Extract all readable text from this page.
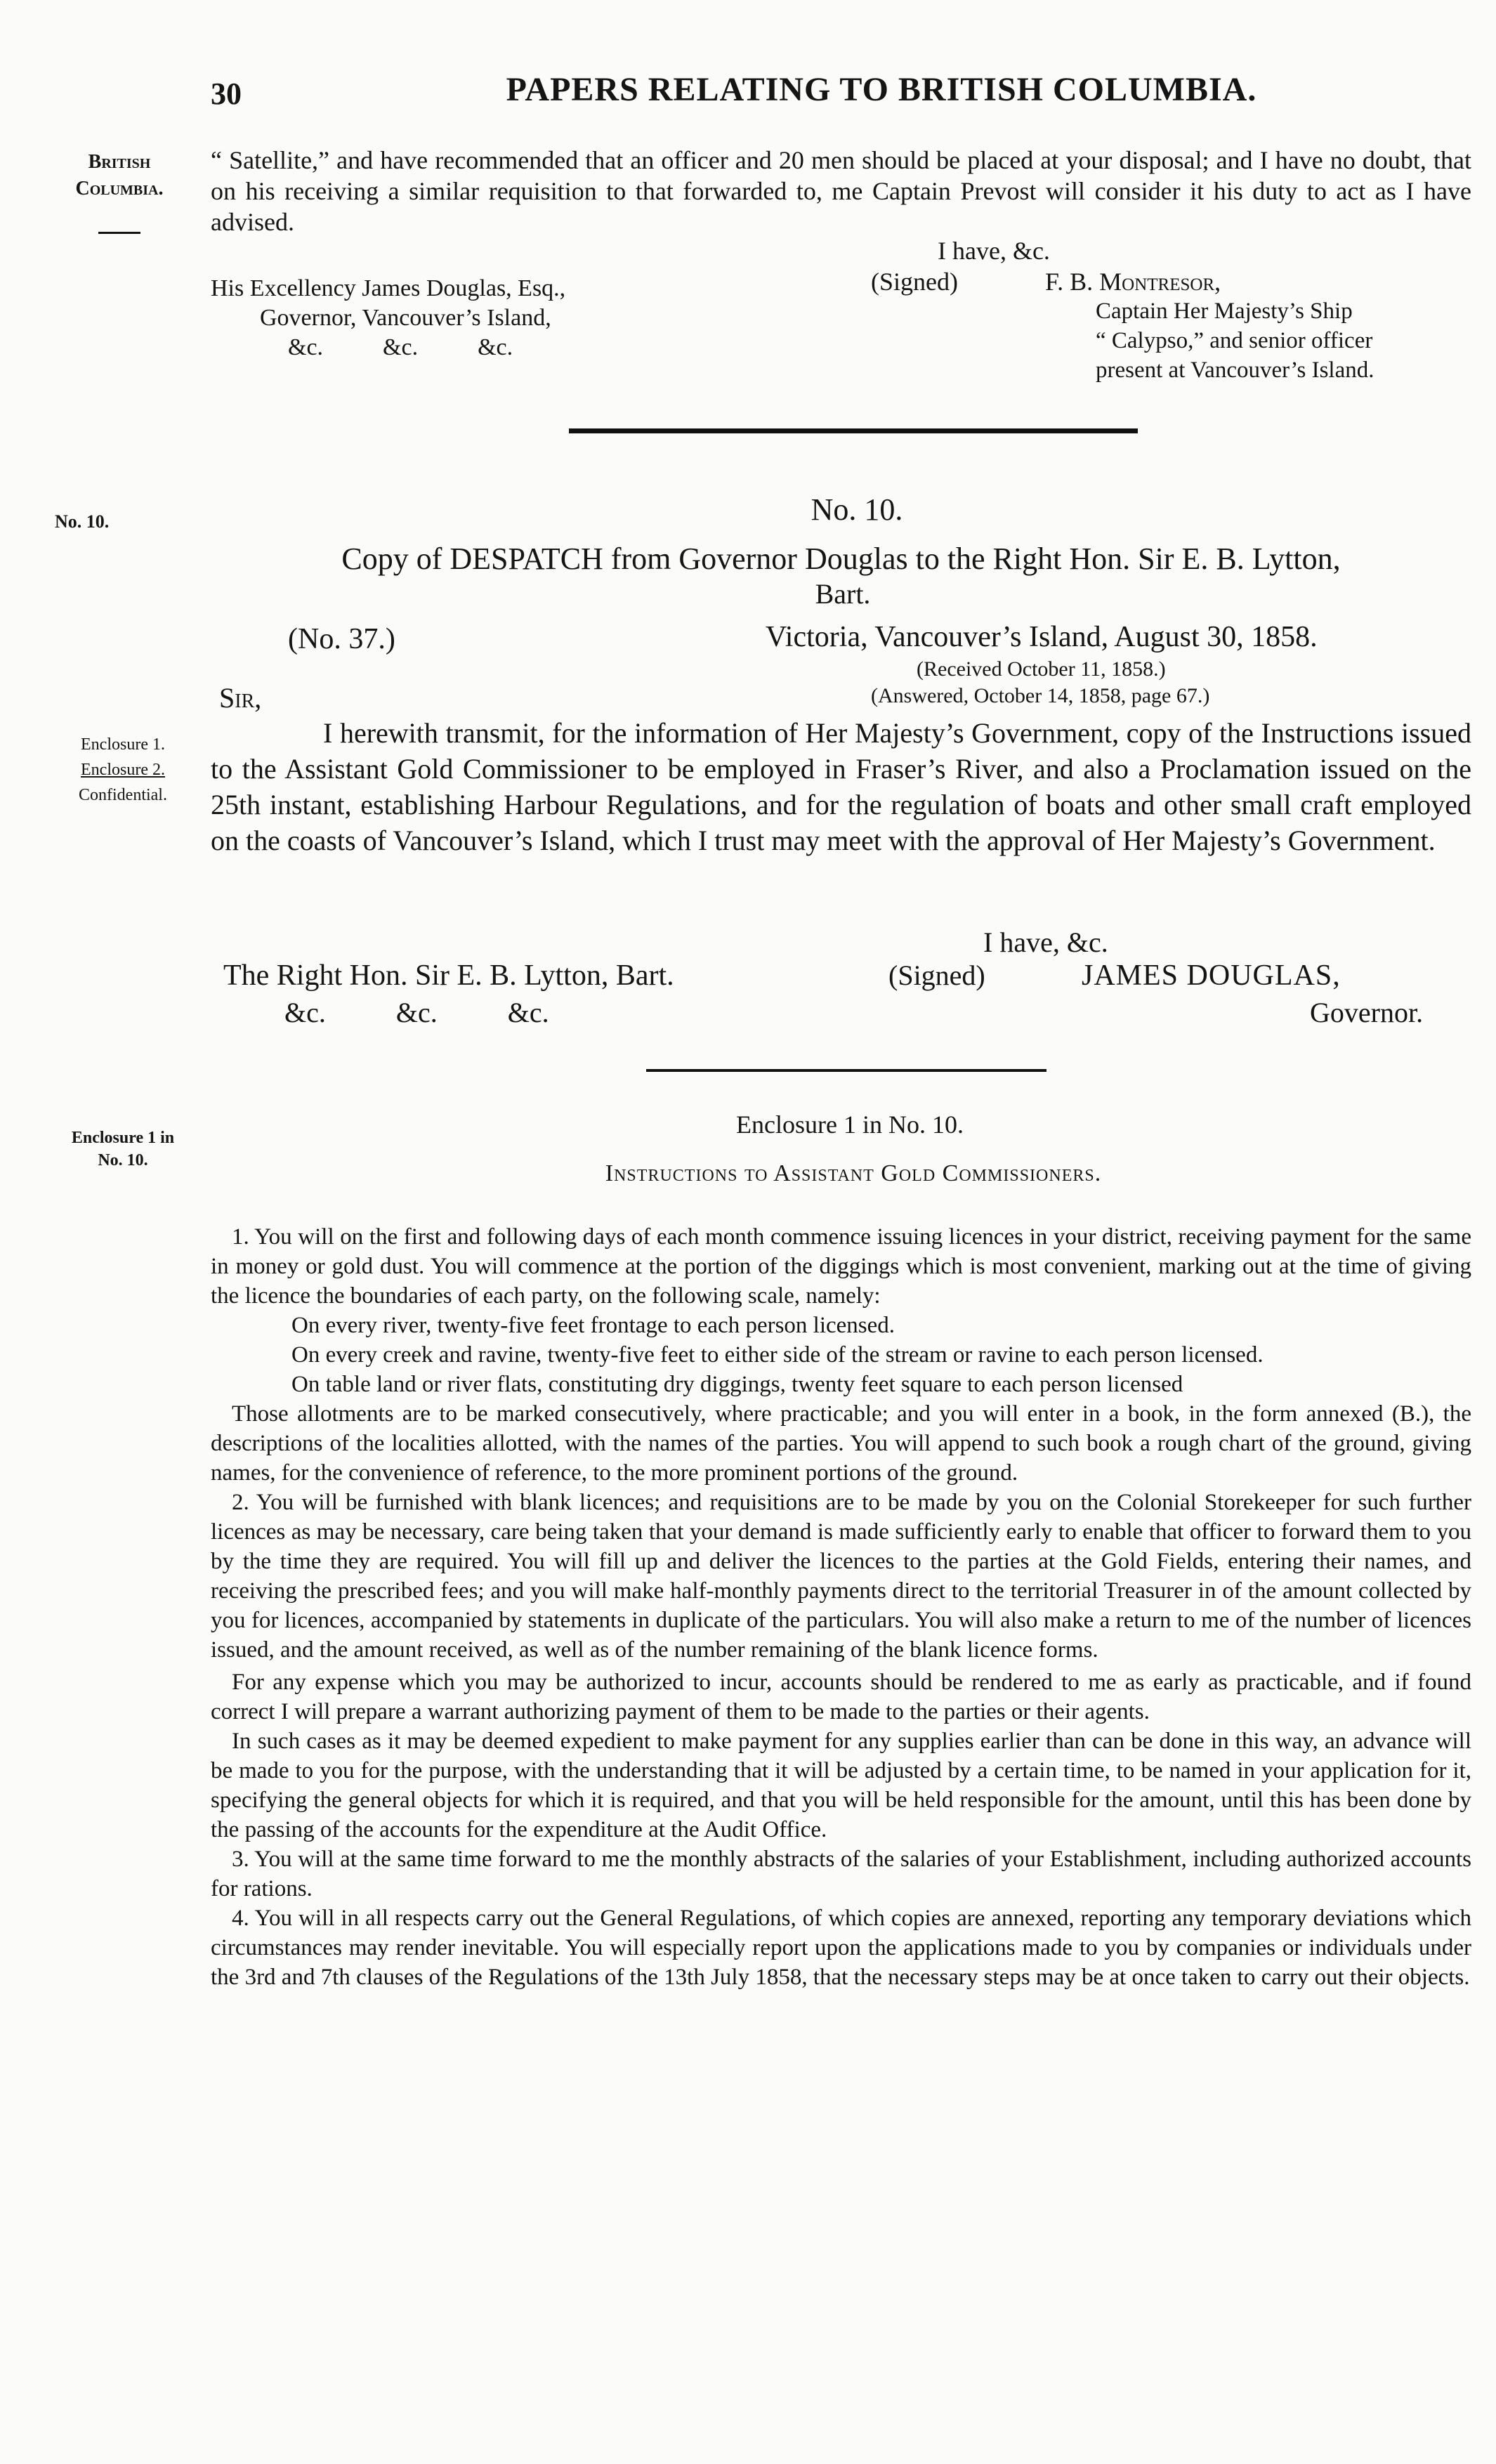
30	PAPERS RELATING TO BRITISH COLUMBIA.
British
Columbia.
“ Satellite,” and have recommended that an officer and 20 men should be placed at your disposal; and I have no doubt, that on his receiving a similar requisition to that forwarded to, me Captain Prevost will consider it his duty to act as I have advised.
I have, &c.
(Signed)	F. B. Montresor,
Captain Her Majesty’s Ship
“ Calypso,” and senior officer
present at Vancouver’s Island.
His Excellency James Douglas, Esq.,
Governor, Vancouver’s Island,
&c.          &c.          &c.
No. 10.	No. 10.
Copy of DESPATCH from Governor Douglas to the Right Hon. Sir E. B. Lytton,
Bart.
(No. 37.)	Victoria, Vancouver’s Island, August 30, 1858.
(Received October 11, 1858.)
(Answered, October 14, 1858, page 67.)
Sir,
Enclosure 1.
Enclosure 2.
Confidential.
I herewith transmit, for the information of Her Majesty’s Government, copy of the Instructions issued to the Assistant Gold Commissioner to be employed in Fraser’s River, and also a Proclamation issued on the 25th instant, establishing Harbour Regulations, and for the regulation of boats and other small craft employed on the coasts of Vancouver’s Island, which I trust may meet with the approval of Her Majesty’s Government.
I have, &c.
The Right Hon. Sir E. B. Lytton, Bart.
&c.          &c.          &c.
(Signed)	JAMES DOUGLAS,
Governor.
Enclosure 1 in
No. 10.
Enclosure 1 in No. 10.
Instructions to Assistant Gold Commissioners.
1. You will on the first and following days of each month commence issuing licences in your district, receiving payment for the same in money or gold dust. You will commence at the portion of the diggings which is most convenient, marking out at the time of giving the licence the boundaries of each party, on the following scale, namely:
On every river, twenty-five feet frontage to each person licensed.
On every creek and ravine, twenty-five feet to either side of the stream or ravine to each person licensed.
On table land or river flats, constituting dry diggings, twenty feet square to each person licensed
Those allotments are to be marked consecutively, where practicable; and you will enter in a book, in the form annexed (B.), the descriptions of the localities allotted, with the names of the parties. You will append to such book a rough chart of the ground, giving names, for the convenience of reference, to the more prominent portions of the ground.
2. You will be furnished with blank licences; and requisitions are to be made by you on the Colonial Storekeeper for such further licences as may be necessary, care being taken that your demand is made sufficiently early to enable that officer to forward them to you by the time they are required. You will fill up and deliver the licences to the parties at the Gold Fields, entering their names, and receiving the prescribed fees; and you will make half-monthly payments direct to the territorial Treasurer in of the amount collected by you for licences, accompanied by statements in duplicate of the particulars. You will also make a return to me of the number of licences issued, and the amount received, as well as of the number remaining of the blank licence forms.
For any expense which you may be authorized to incur, accounts should be rendered to me as early as practicable, and if found correct I will prepare a warrant authorizing payment of them to be made to the parties or their agents.
In such cases as it may be deemed expedient to make payment for any supplies earlier than can be done in this way, an advance will be made to you for the purpose, with the understanding that it will be adjusted by a certain time, to be named in your application for it, specifying the general objects for which it is required, and that you will be held responsible for the amount, until this has been done by the passing of the accounts for the expenditure at the Audit Office.
3. You will at the same time forward to me the monthly abstracts of the salaries of your Establishment, including authorized accounts for rations.
4. You will in all respects carry out the General Regulations, of which copies are annexed, reporting any temporary deviations which circumstances may render inevitable. You will especially report upon the applications made to you by companies or individuals under the 3rd and 7th clauses of the Regulations of the 13th July 1858, that the necessary steps may be at once taken to carry out their objects.
